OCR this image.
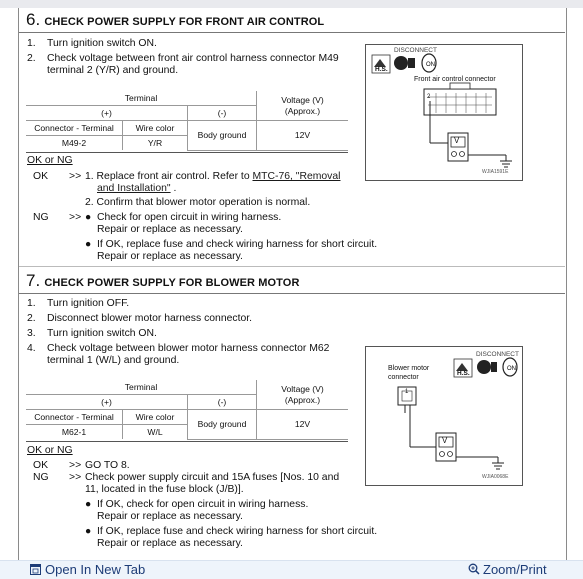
6. CHECK POWER SUPPLY FOR FRONT AIR CONTROL
1. Turn ignition switch ON.
2. Check voltage between front air control harness connector M49
terminal 2 (Y/R) and ground.
Terminal			Voltage (V)
(Approx.)
(+)		(-)	
Connector - Terminal	Wire color	Body ground	12V
M49-2	Y/R		
OK or NG
OK >> 1. Replace front air control. Refer to MTC-76, "Removal
and Installation" .
2. Confirm that blower motor operation is normal.
NG >> ● Check for open circuit in wiring harness.
Repair or replace as necessary.
● If OK, replace fuse and check wiring harness for short circuit.
Repair or replace as necessary.
ON
DISCONNECT
H.S.
Front air control connector
2
V
WJIA1591E
7. CHECK POWER SUPPLY FOR BLOWER MOTOR
1. Turn ignition OFF.
2. Disconnect blower motor harness connector.
3. Turn ignition switch ON.
4. Check voltage between blower motor harness connector M62
terminal 1 (W/L) and ground.
Terminal			Voltage (V)
(Approx.)
(+)		(-)	
Connector - Terminal	Wire color	Body ground	12V
M62-1	W/L		
OK or NG
OK >> GO TO 8.
NG >> Check power supply circuit and 15A fuses [Nos. 10 and
11, located in the fuse block (J/B)].
● If OK, check for open circuit in wiring harness.
Repair or replace as necessary.
● If OK, replace fuse and check wiring harness for short circuit.
Repair or replace as necessary.
ON
DISCONNECT
H.S.
Blower motor
connector
1
V
WJIA0068E
Open In New Tab	Zoom/Print
